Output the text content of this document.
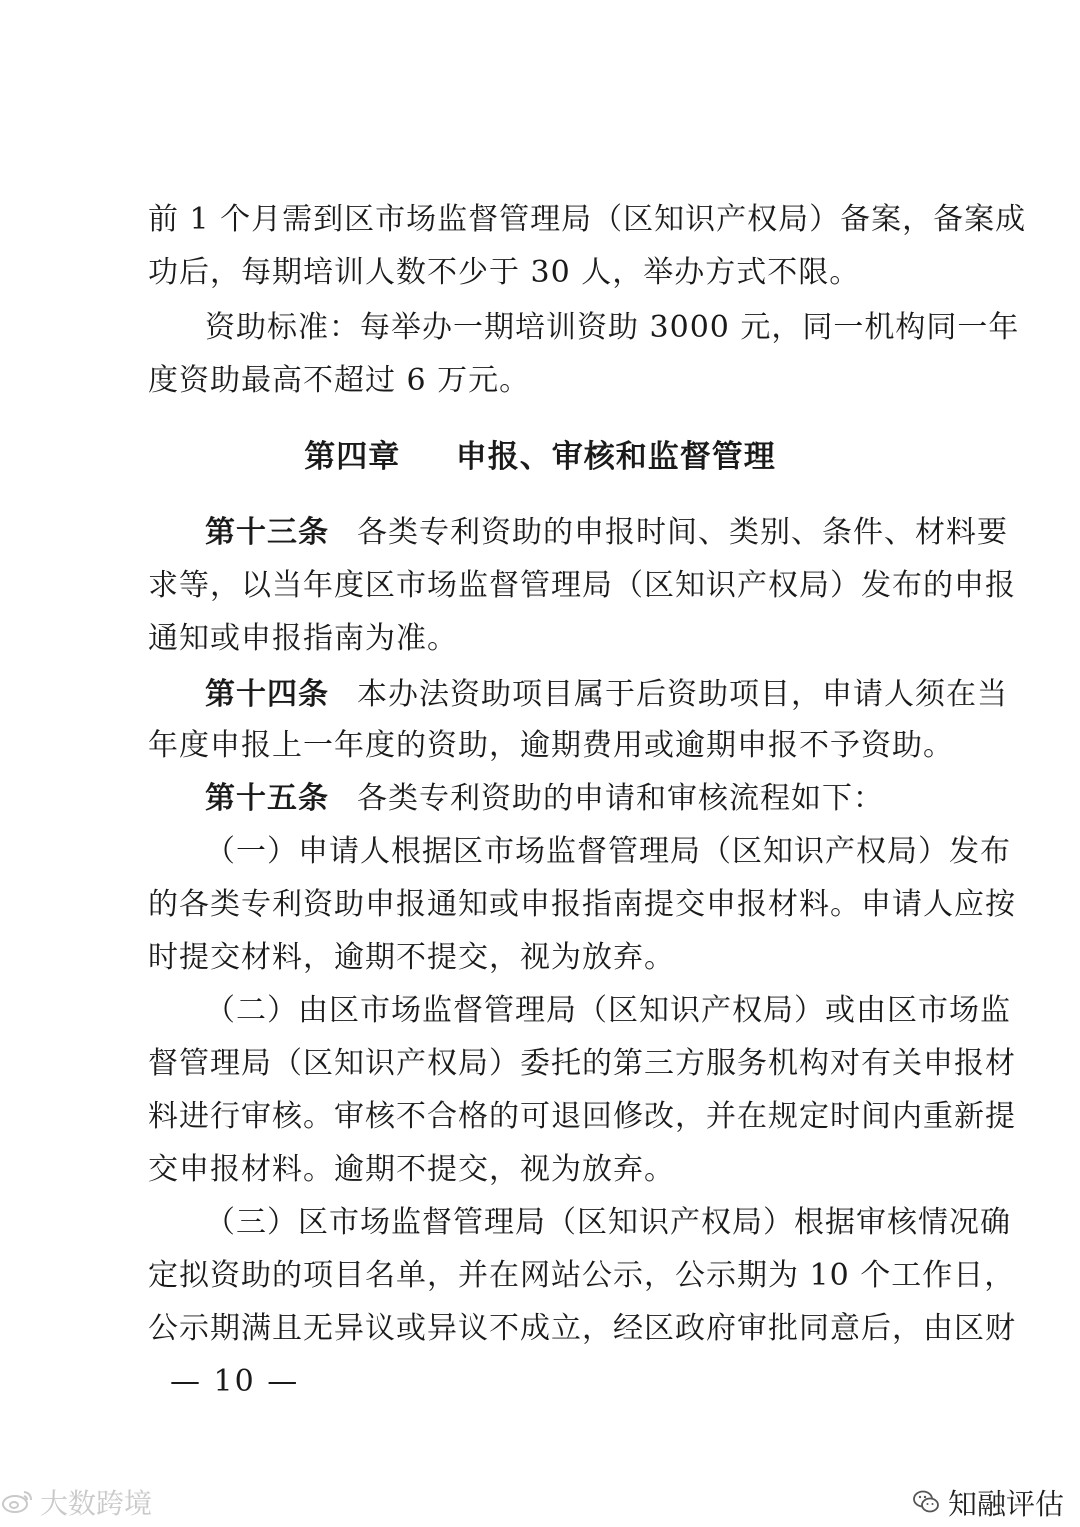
前 1 个月需到区市场监督管理局（区知识产权局）备案，备案成
功后，每期培训人数不少于 30 人，举办方式不限。
资助标准：每举办一期培训资助 3000 元，同一机构同一年
度资助最高不超过 6 万元。
第四章 申报、审核和监督管理
第十三条 各类专利资助的申报时间、类别、条件、材料要
求等，以当年度区市场监督管理局（区知识产权局）发布的申报
通知或申报指南为准。
第十四条 本办法资助项目属于后资助项目，申请人须在当
年度申报上一年度的资助，逾期费用或逾期申报不予资助。
第十五条 各类专利资助的申请和审核流程如下：
（一）申请人根据区市场监督管理局（区知识产权局）发布
的各类专利资助申报通知或申报指南提交申报材料。申请人应按
时提交材料，逾期不提交，视为放弃。
（二）由区市场监督管理局（区知识产权局）或由区市场监
督管理局（区知识产权局）委托的第三方服务机构对有关申报材
料进行审核。审核不合格的可退回修改，并在规定时间内重新提
交申报材料。逾期不提交，视为放弃。
（三）区市场监督管理局（区知识产权局）根据审核情况确
定拟资助的项目名单，并在网站公示，公示期为 10 个工作日，
公示期满且无异议或异议不成立，经区政府审批同意后，由区财
— 10 —
大数跨境	知融评估
